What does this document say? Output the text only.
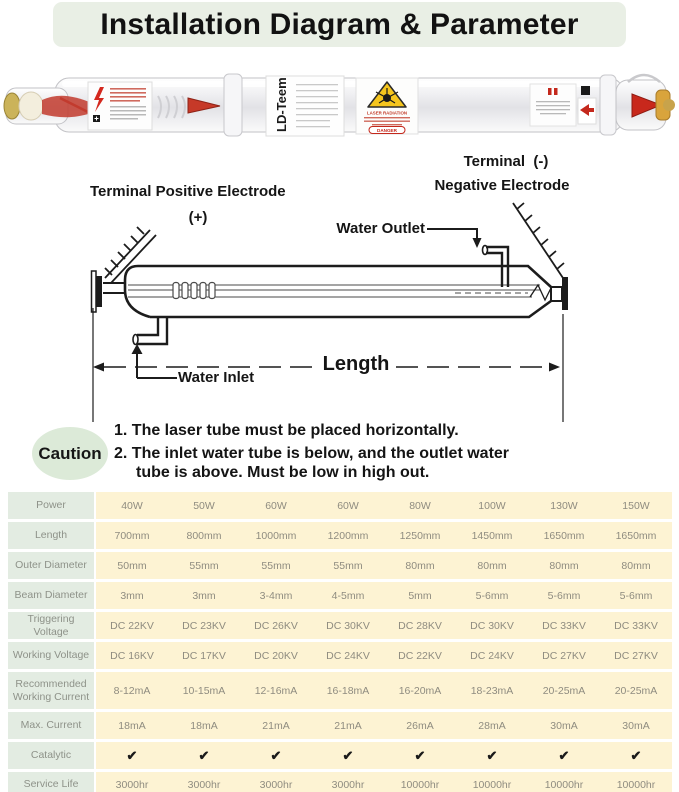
Installation Diagram & Parameter
LD-Teem	LASER RADIATION
DANGER
Terminal  (-)
Negative Electrode
Terminal Positive Electrode
(+)
Water Outlet
Length
Water Inlet
Caution
1. The laser tube must be placed horizontally.
2. The inlet water tube is below, and the outlet water
tube is above. Must be low in high out.
Power	40W	50W	60W	60W	80W	100W	130W	150W
Length	700mm	800mm	1000mm	1200mm	1250mm	1450mm	1650mm	1650mm
Outer Diameter	50mm	55mm	55mm	55mm	80mm	80mm	80mm	80mm
Beam Diameter	3mm	3mm	3-4mm	4-5mm	5mm	5-6mm	5-6mm	5-6mm
Triggering Voltage	DC 22KV	DC 23KV	DC 26KV	DC 30KV	DC 28KV	DC 30KV	DC 33KV	DC 33KV
Working Voltage	DC 16KV	DC 17KV	DC 20KV	DC 24KV	DC 22KV	DC 24KV	DC 27KV	DC 27KV
Recommended Working Current	8-12mA	10-15mA	12-16mA	16-18mA	16-20mA	18-23mA	20-25mA	20-25mA
Max. Current	18mA	18mA	21mA	21mA	26mA	28mA	30mA	30mA
Catalytic	✔	✔	✔	✔	✔	✔	✔	✔
Service Life	3000hr	3000hr	3000hr	3000hr	10000hr	10000hr	10000hr	10000hr
